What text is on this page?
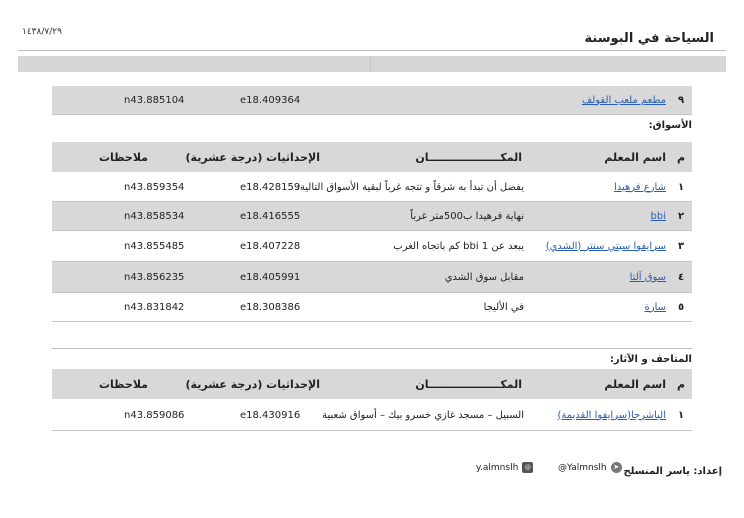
السياحة في البوسنة
١٤٣٨/٧/٢٩
٩
مطعم ملعب القولف
e18.409364
n43.885104
الأسواق:
م
اسم المعلم
المكـــــــــــــــــــان
الإحداثيات (درجة عشرية)
ملاحظات
١
شارع فرهيدا
يفضل أن تبدأ به شرقاً و تتجه غرباً لبقية الأسواق التالية:
e18.428159
n43.859354
٢
bbi
نهاية فرهيدا ب500متر غرباً
e18.416555
n43.858534
٣
سرايفوا سيتي سنتر (الشدي)
يبعد عن bbi 1 كم باتجاه الغرب
e18.407228
n43.855485
٤
سوق آلتا
مقابل سوق الشدي
e18.405991
n43.856235
٥
سارة
في الأليجا
e18.308386
n43.831842
المتاحف و الآثار:
م
اسم المعلم
المكـــــــــــــــــــان
الإحداثيات (درجة عشرية)
ملاحظات
١
الباشرجا(سرايفوا القديمة)
السبيل – مسجد غازي خسرو بيك – أسواق شعبية
e18.430916
n43.859086
إعداد: ياسر المنسلح
@Yalmnslh ➤
y.almnslh ◎
